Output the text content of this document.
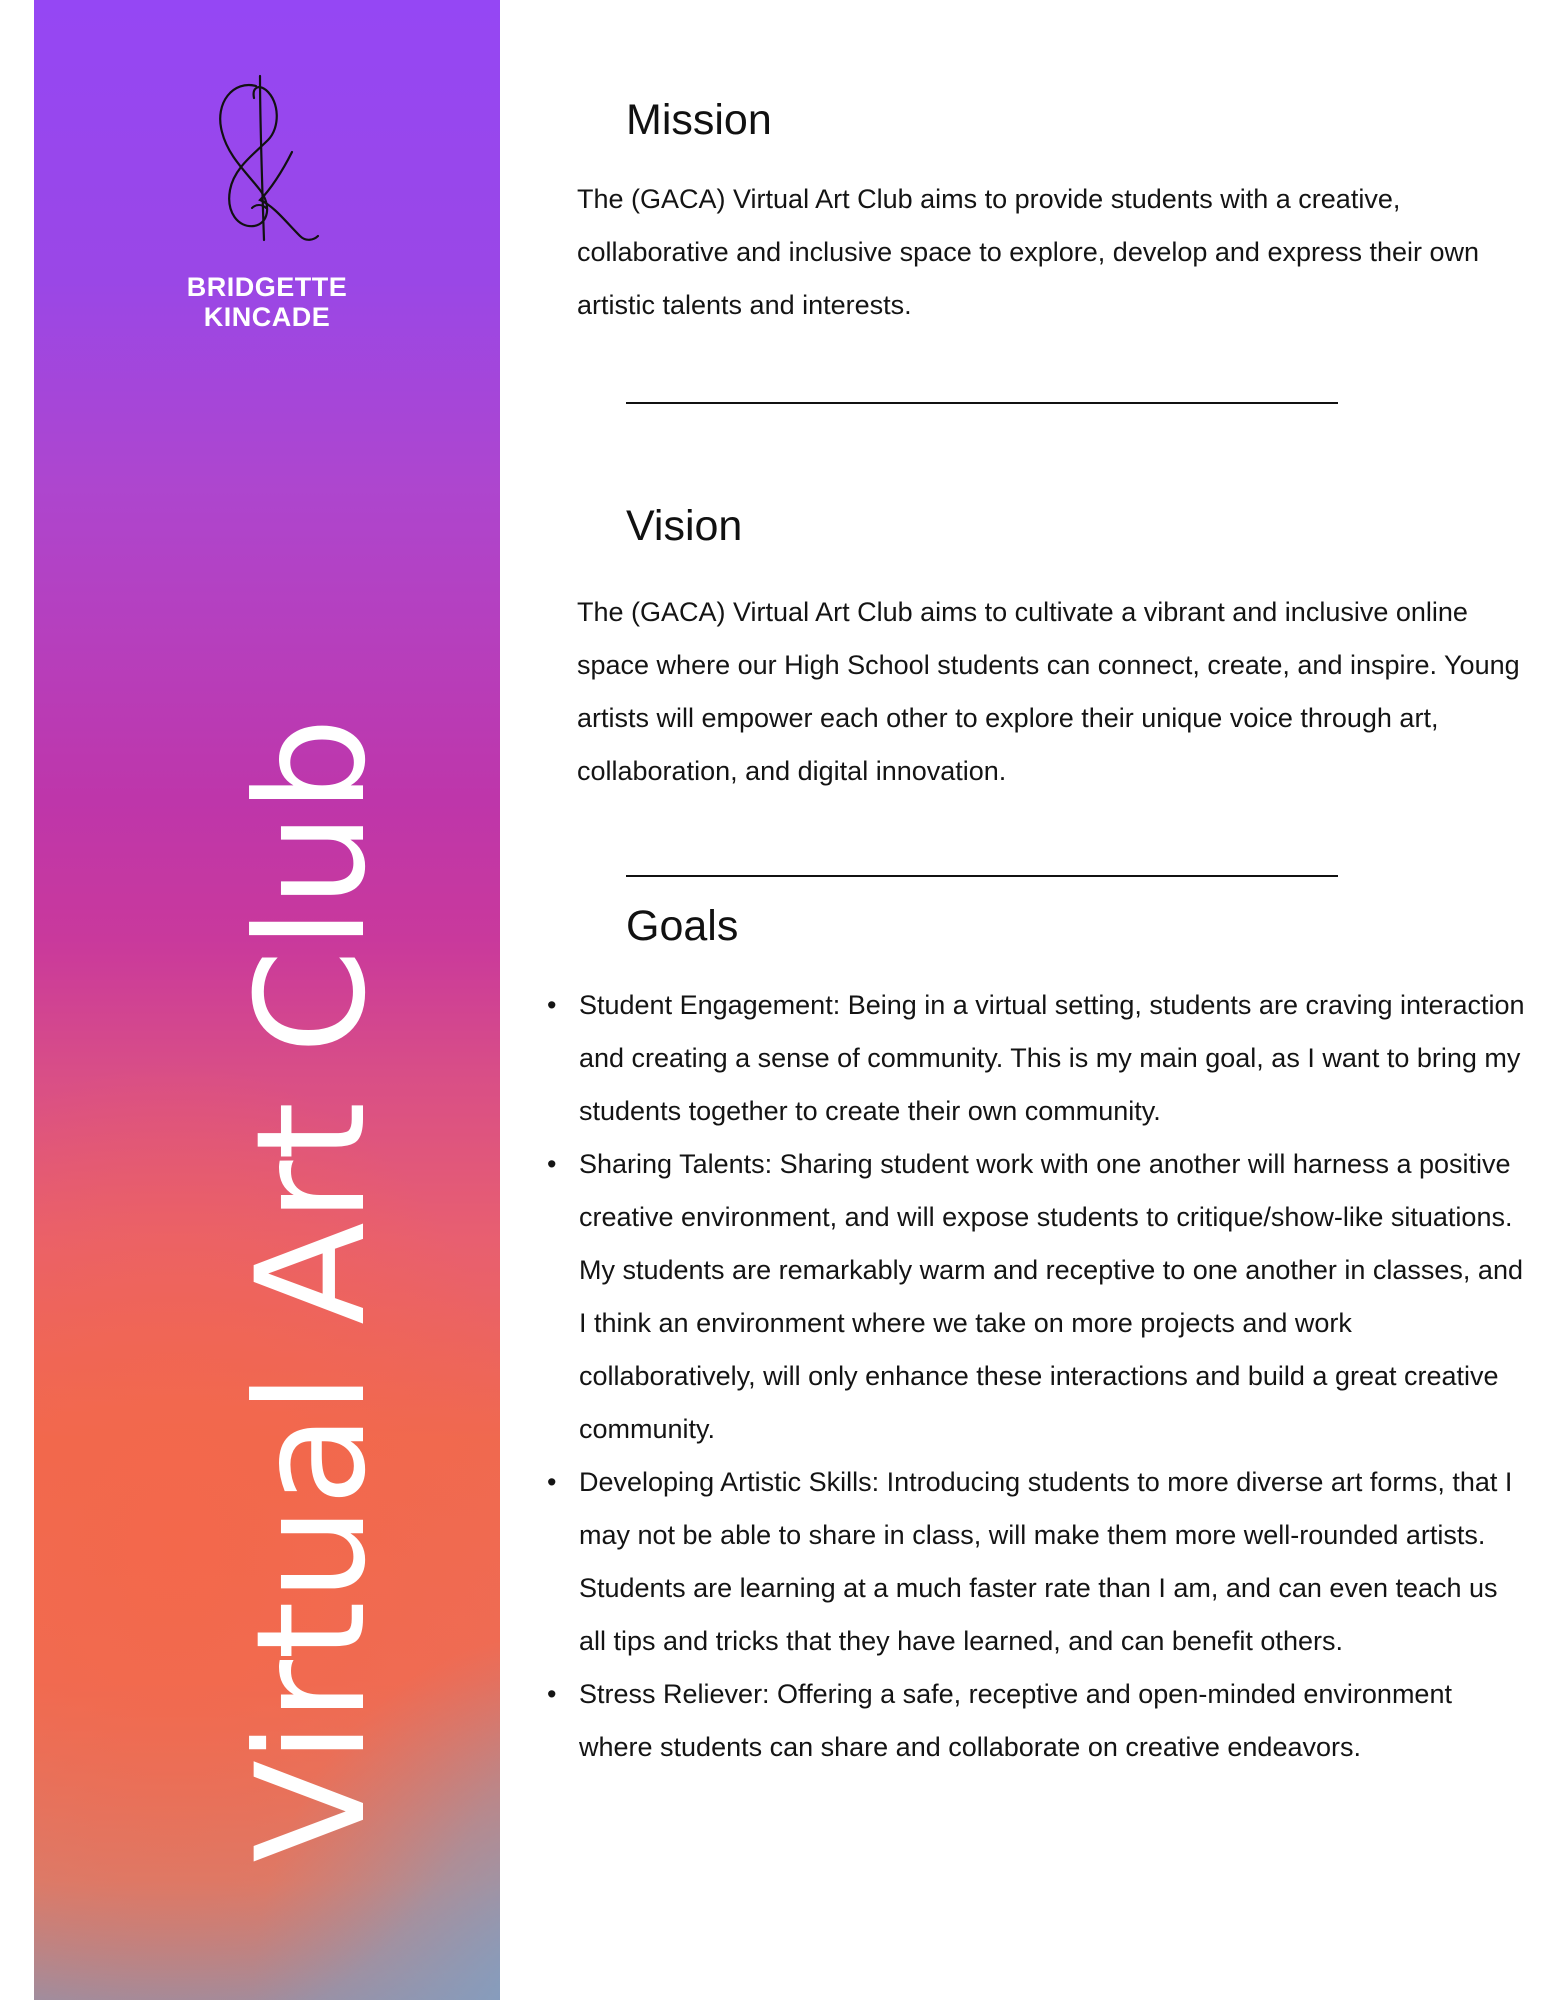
BRIDGETTE
KINCADE
Virtual Art Club
Mission

The (GACA) Virtual Art Club aims to provide students with a creative, collaborative and inclusive space to explore, develop and express their own artistic talents and interests.

Vision

The (GACA) Virtual Art Club aims to cultivate a vibrant and inclusive online space where our High School students can connect, create, and inspire. Young artists will empower each other to explore their unique voice through art, collaboration, and digital innovation.

Goals
• Student Engagement: Being in a virtual setting, students are craving interaction and creating a sense of community. This is my main goal, as I want to bring my students together to create their own community.
• Sharing Talents: Sharing student work with one another will harness a positive creative environment, and will expose students to critique/show-like situations. My students are remarkably warm and receptive to one another in classes, and I think an environment where we take on more projects and work collaboratively, will only enhance these interactions and build a great creative community.
• Developing Artistic Skills: Introducing students to more diverse art forms, that I may not be able to share in class, will make them more well-rounded artists. Students are learning at a much faster rate than I am, and can even teach us all tips and tricks that they have learned, and can benefit others.
• Stress Reliever: Offering a safe, receptive and open-minded environment where students can share and collaborate on creative endeavors.
